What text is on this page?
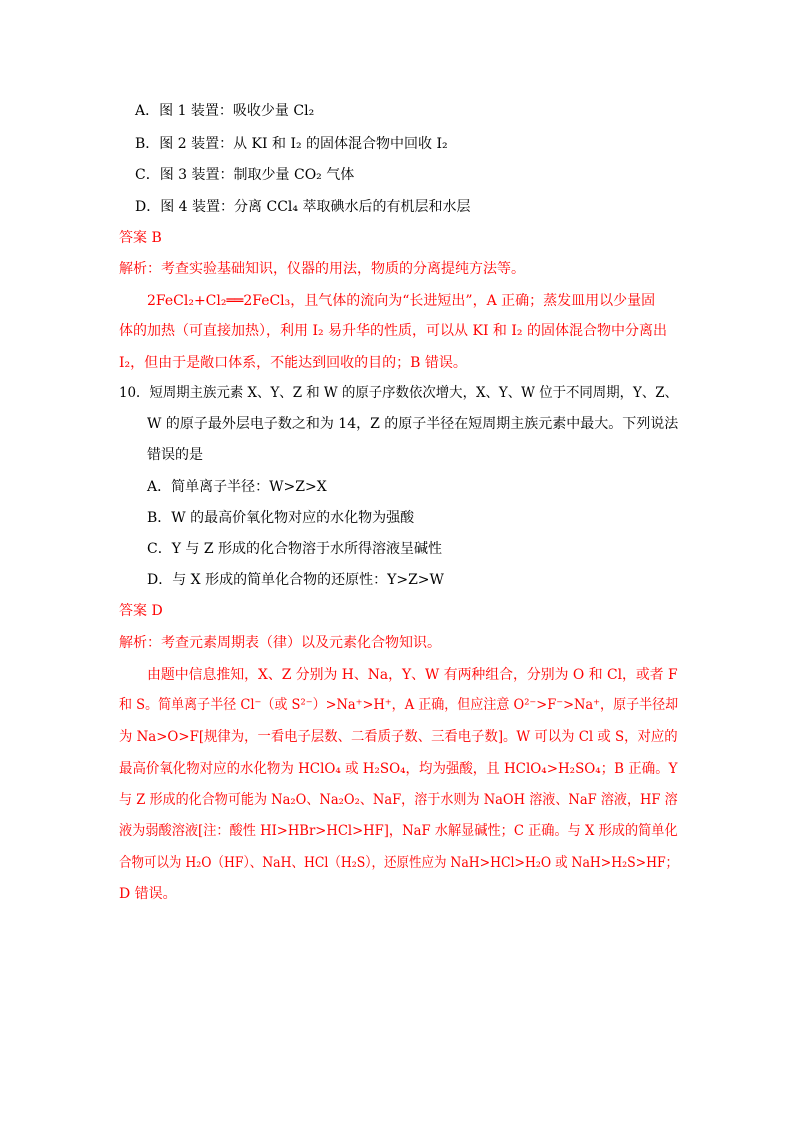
A．图 1 装置：吸收少量 Cl₂
B．图 2 装置：从 KI 和 I₂ 的固体混合物中回收 I₂
C．图 3 装置：制取少量 CO₂ 气体
D．图 4 装置：分离 CCl₄ 萃取碘水后的有机层和水层
答案 B
解析：考查实验基础知识，仪器的用法，物质的分离提纯方法等。
2FeCl₂+Cl₂══2FeCl₃，且气体的流向为“长进短出”，A 正确；蒸发皿用以少量固
体的加热（可直接加热），利用 I₂ 易升华的性质，可以从 KI 和 I₂ 的固体混合物中分离出
I₂，但由于是敞口体系，不能达到回收的目的；B 错误。
10．短周期主族元素 X、Y、Z 和 W 的原子序数依次增大，X、Y、W 位于不同周期，Y、Z、
W 的原子最外层电子数之和为 14，Z 的原子半径在短周期主族元素中最大。下列说法
错误的是
A．简单离子半径：W>Z>X
B．W 的最高价氧化物对应的水化物为强酸
C．Y 与 Z 形成的化合物溶于水所得溶液呈碱性
D．与 X 形成的简单化合物的还原性：Y>Z>W
答案 D
解析：考查元素周期表（律）以及元素化合物知识。
由题中信息推知，X、Z 分别为 H、Na，Y、W 有两种组合，分别为 O 和 Cl，或者 F
和 S。简单离子半径 Cl⁻（或 S²⁻）>Na⁺>H⁺，A 正确，但应注意 O²⁻>F⁻>Na⁺，原子半径却
为 Na>O>F[规律为，一看电子层数、二看质子数、三看电子数]。W 可以为 Cl 或 S，对应的
最高价氧化物对应的水化物为 HClO₄ 或 H₂SO₄，均为强酸，且 HClO₄>H₂SO₄；B 正确。Y
与 Z 形成的化合物可能为 Na₂O、Na₂O₂、NaF，溶于水则为 NaOH 溶液、NaF 溶液，HF 溶
液为弱酸溶液[注：酸性 HI>HBr>HCl>HF]，NaF 水解显碱性；C 正确。与 X 形成的简单化
合物可以为 H₂O（HF）、NaH、HCl（H₂S），还原性应为 NaH>HCl>H₂O 或 NaH>H₂S>HF；
D 错误。
